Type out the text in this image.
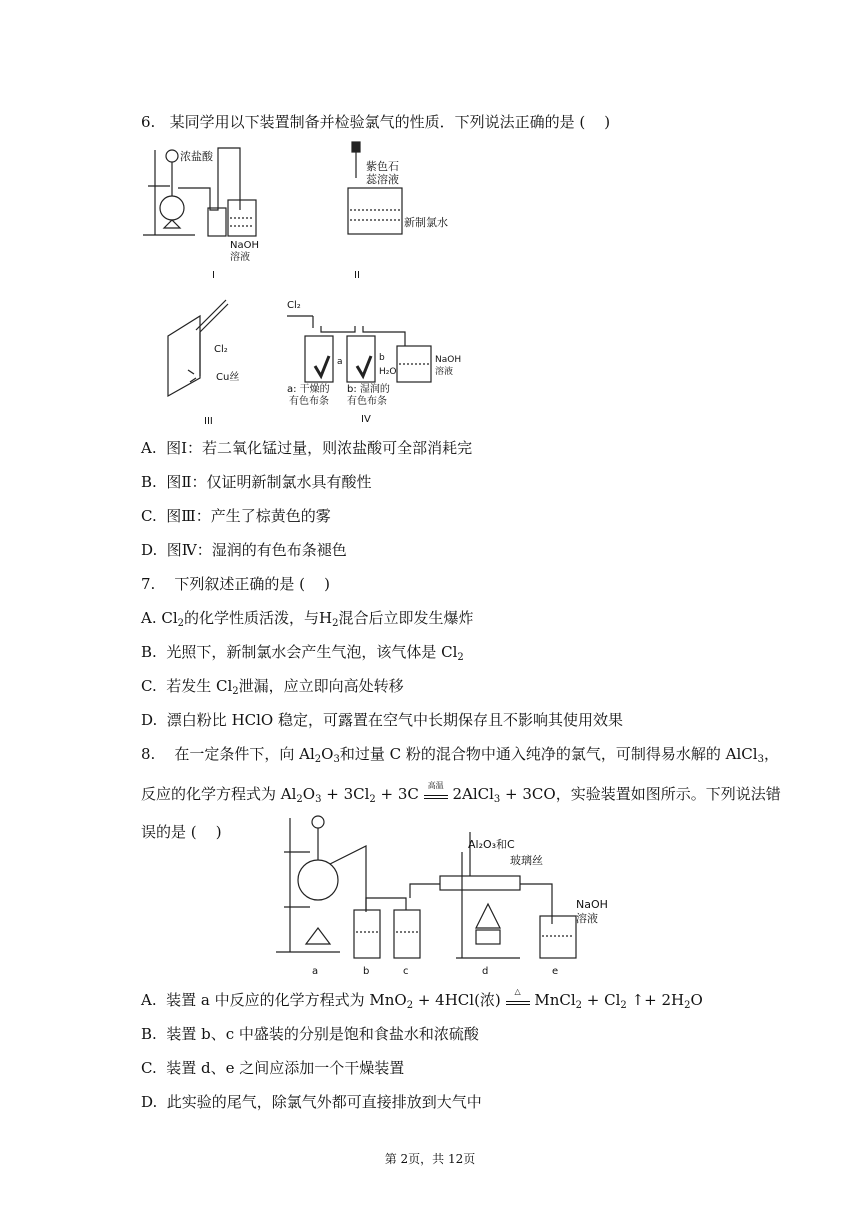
6.   某同学用以下装置制备并检验氯气的性质．下列说法正确的是 (    )
浓盐酸
NaOH
溶液
I
紫色石
蕊溶液
新制氯水
II
Cl₂
Cu丝
III
Cl₂
a	b
H₂O
NaOH
溶液
a: 干燥的
有色布条
b: 湿润的
有色布条
IV
A.  图Ⅰ：若二氧化锰过量，则浓盐酸可全部消耗完
B.  图Ⅱ：仅证明新制氯水具有酸性
C.  图Ⅲ：产生了棕黄色的雾
D.  图Ⅳ：湿润的有色布条褪色
7.    下列叙述正确的是 (    )
A. $Cl_2$的化学性质活泼，与$H_2$混合后立即发生爆炸
B.  光照下，新制氯水会产生气泡，该气体是 $Cl_2$
C.  若发生 $Cl_2$泄漏，应立即向高处转移
D.  漂白粉比 HClO 稳定，可露置在空气中长期保存且不影响其使用效果
8.    在一定条件下，向 $Al_2O_3$和过量 C 粉的混合物中通入纯净的氯气，可制得易水解的 AlCl$_3$，
反应的化学方程式为 $Al_2O_3 + 3Cl_2 + 3C$ 高温 2AlCl$_3$ + 3CO，实验装置如图所示。下列说法错
误的是 (    )
Al₂O₃和C
玻璃丝
NaOH
溶液
a	b	c	d	e
A.  装置 a 中反应的化学方程式为 MnO$_2$ + 4HCl(浓)	△ MnCl$_2$ + $Cl_2$ ↑+ $2H_2O$
B.  装置 b、c 中盛装的分别是饱和食盐水和浓硫酸
C.  装置 d、e 之间应添加一个干燥装置
D.  此实验的尾气，除氯气外都可直接排放到大气中
第 2页，共 12页
